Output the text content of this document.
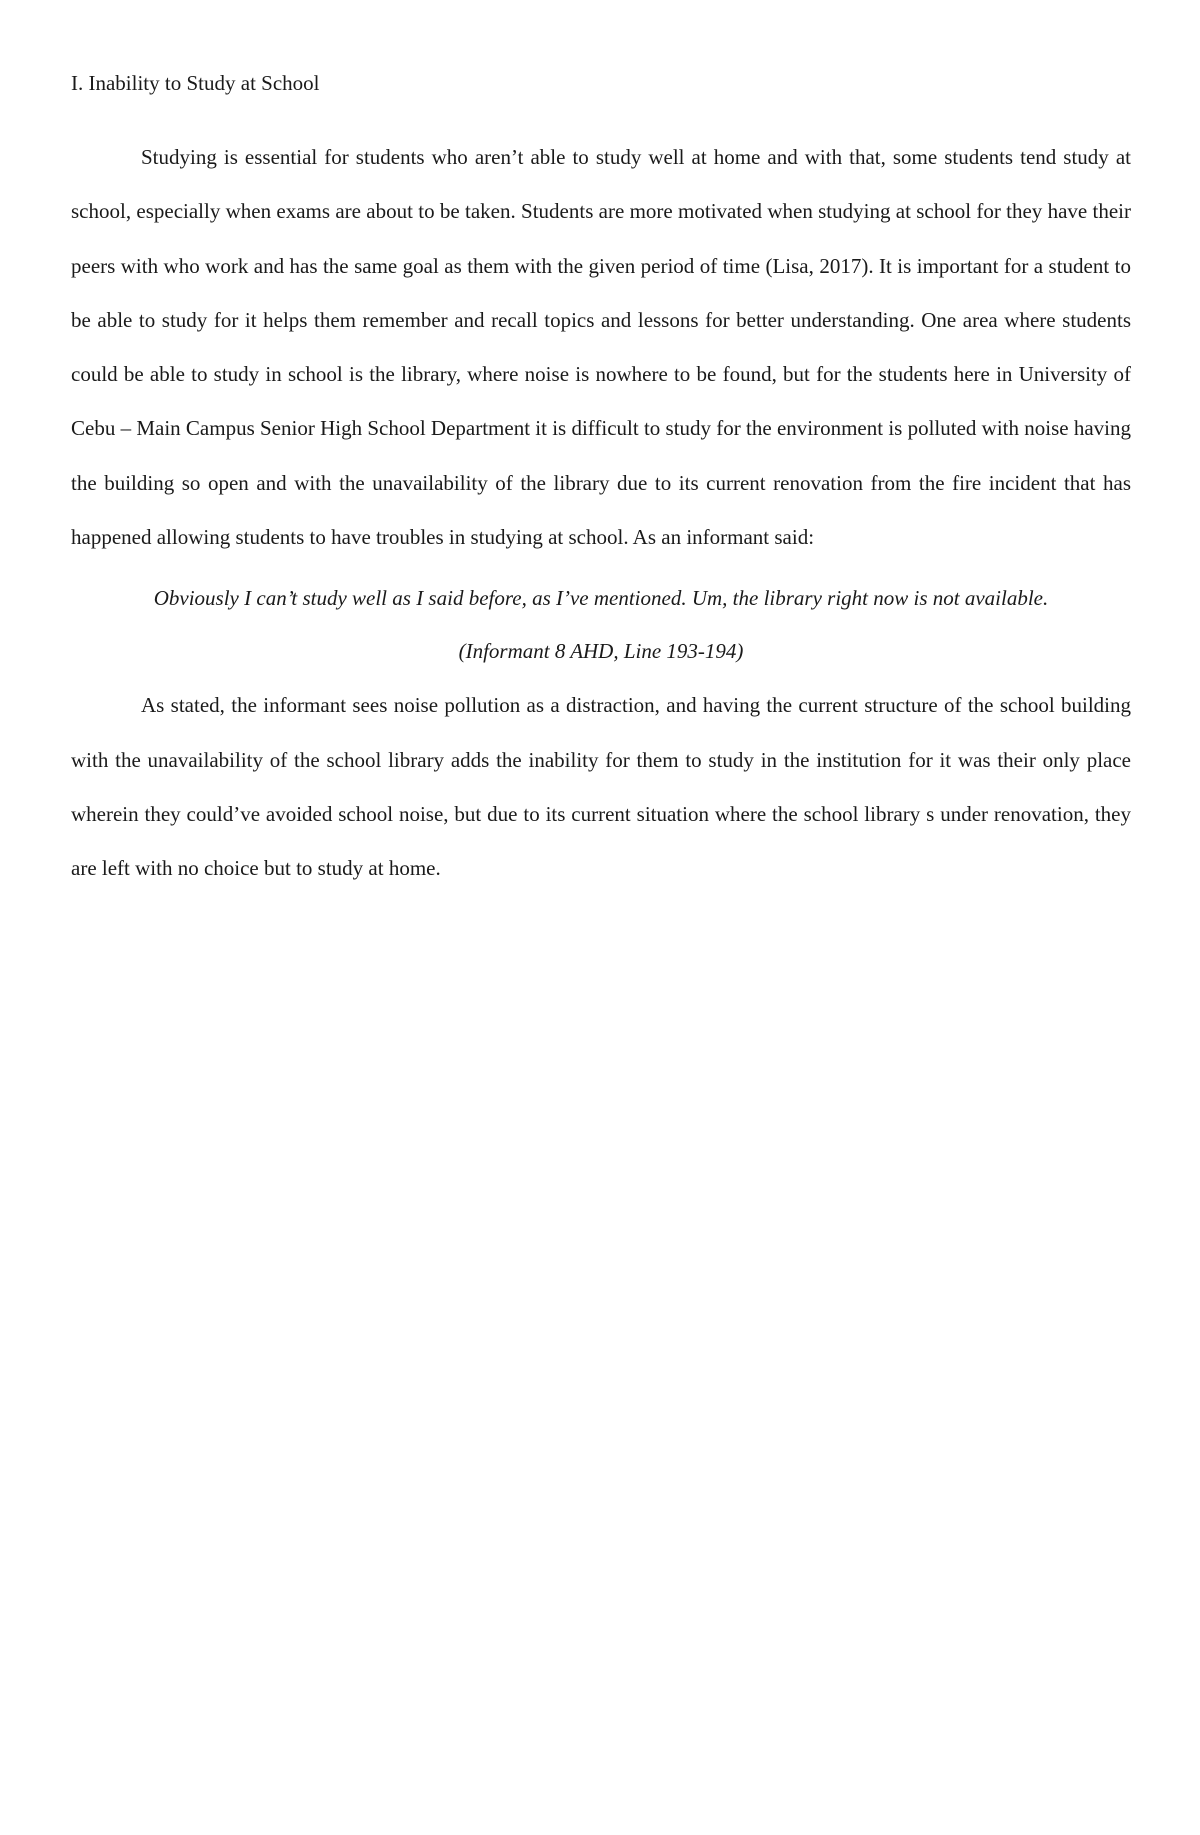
I. Inability to Study at School

Studying is essential for students who aren’t able to study well at home and with that, some students tend study at school, especially when exams are about to be taken. Students are more motivated when studying at school for they have their peers with who work and has the same goal as them with the given period of time (Lisa, 2017). It is important for a student to be able to study for it helps them remember and recall topics and lessons for better understanding. One area where students could be able to study in school is the library, where noise is nowhere to be found, but for the students here in University of Cebu – Main Campus Senior High School Department it is difficult to study for the environment is polluted with noise having the building so open and with the unavailability of the library due to its current renovation from the fire incident that has happened allowing students to have troubles in studying at school. As an informant said:

Obviously I can’t study well as I said before, as I’ve mentioned. Um, the library right now is not available.
(Informant 8 AHD, Line 193-194)

As stated, the informant sees noise pollution as a distraction, and having the current structure of the school building with the unavailability of the school library adds the inability for them to study in the institution for it was their only place wherein they could’ve avoided school noise, but due to its current situation where the school library s under renovation, they are left with no choice but to study at home.
